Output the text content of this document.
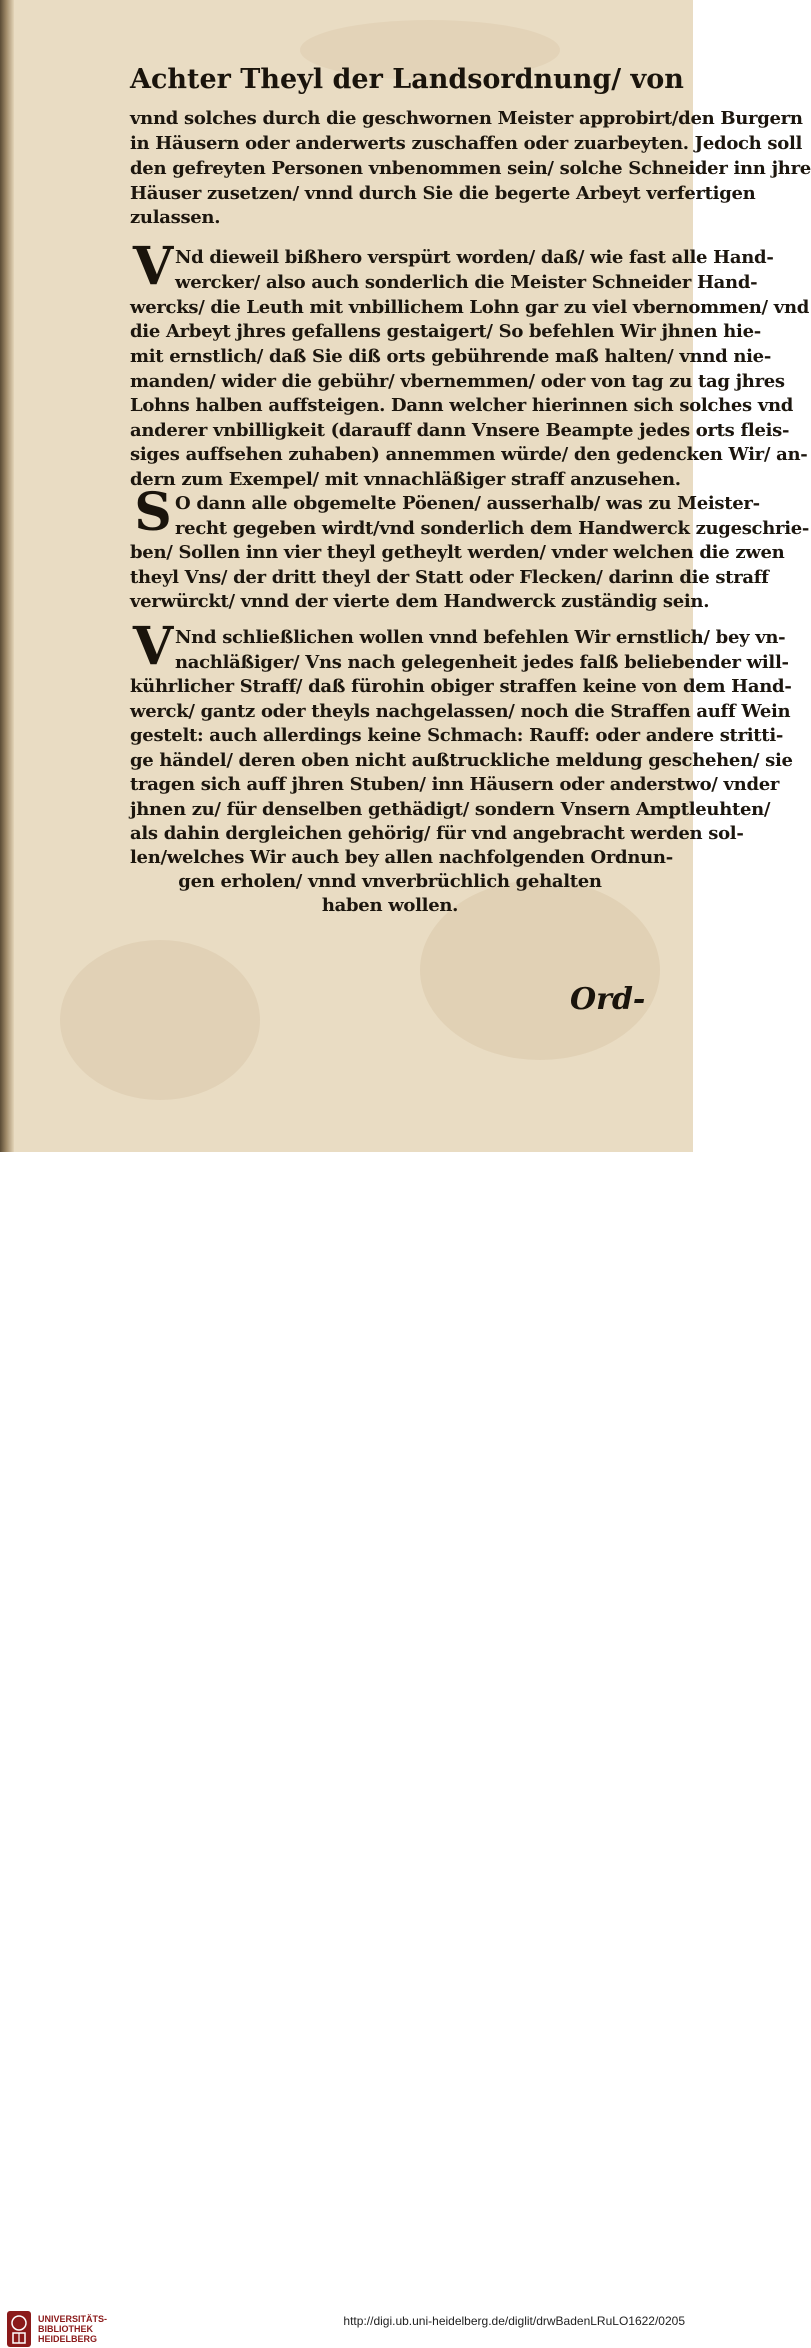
Achter Theyl der Landsordnung/ von
vnnd solches durch die geschwornen Meister approbirt/den Burgern
in Häusern oder anderwerts zuschaffen oder zuarbeyten. Jedoch soll
den gefreyten Personen vnbenommen sein/ solche Schneider inn jhre
Häuser zusetzen/ vnnd durch Sie die begerte Arbeyt verfertigen
zulassen.
V Nd dieweil bißhero verspürt worden/ daß/ wie fast alle Hand-
wercker/ also auch sonderlich die Meister Schneider Hand-
wercks/ die Leuth mit vnbillichem Lohn gar zu viel vbernommen/ vnd
die Arbeyt jhres gefallens gestaigert/ So befehlen Wir jhnen hie-
mit ernstlich/ daß Sie diß orts gebührende maß halten/ vnnd nie-
manden/ wider die gebühr/ vbernemmen/ oder von tag zu tag jhres
Lohns halben auffsteigen. Dann welcher hierinnen sich solches vnd
anderer vnbilligkeit (darauff dann Vnsere Beampte jedes orts fleis-
siges auffsehen zuhaben) annemmen würde/ den gedencken Wir/ an-
dern zum Exempel/ mit vnnachläßiger straff anzusehen.
S O dann alle obgemelte Pöenen/ ausserhalb/ was zu Meister-
recht gegeben wirdt/vnd sonderlich dem Handwerck zugeschrie-
ben/ Sollen inn vier theyl getheylt werden/ vnder welchen die zwen
theyl Vns/ der dritt theyl der Statt oder Flecken/ darinn die straff
verwürckt/ vnnd der vierte dem Handwerck zuständig sein.
V Nnd schließlichen wollen vnnd befehlen Wir ernstlich/ bey vn-
nachläßiger/ Vns nach gelegenheit jedes falß beliebender will-
kührlicher Straff/ daß fürohin obiger straffen keine von dem Hand-
werck/ gantz oder theyls nachgelassen/ noch die Straffen auff Wein
gestelt: auch allerdings keine Schmach: Rauff: oder andere stritti-
ge händel/ deren oben nicht außtruckliche meldung geschehen/ sie
tragen sich auff jhren Stuben/ inn Häusern oder anderstwo/ vnder
jhnen zu/ für denselben gethädigt/ sondern Vnsern Amptleuhten/
als dahin dergleichen gehörig/ für vnd angebracht werden sol-
len/welches Wir auch bey allen nachfolgenden Ordnun-
gen erholen/ vnnd vnverbrüchlich gehalten
haben wollen.
Ord-
UNIVERSITÄTS-
BIBLIOTHEK
HEIDELBERG
http://digi.ub.uni-heidelberg.de/diglit/drwBadenLRuLO1622/0205
